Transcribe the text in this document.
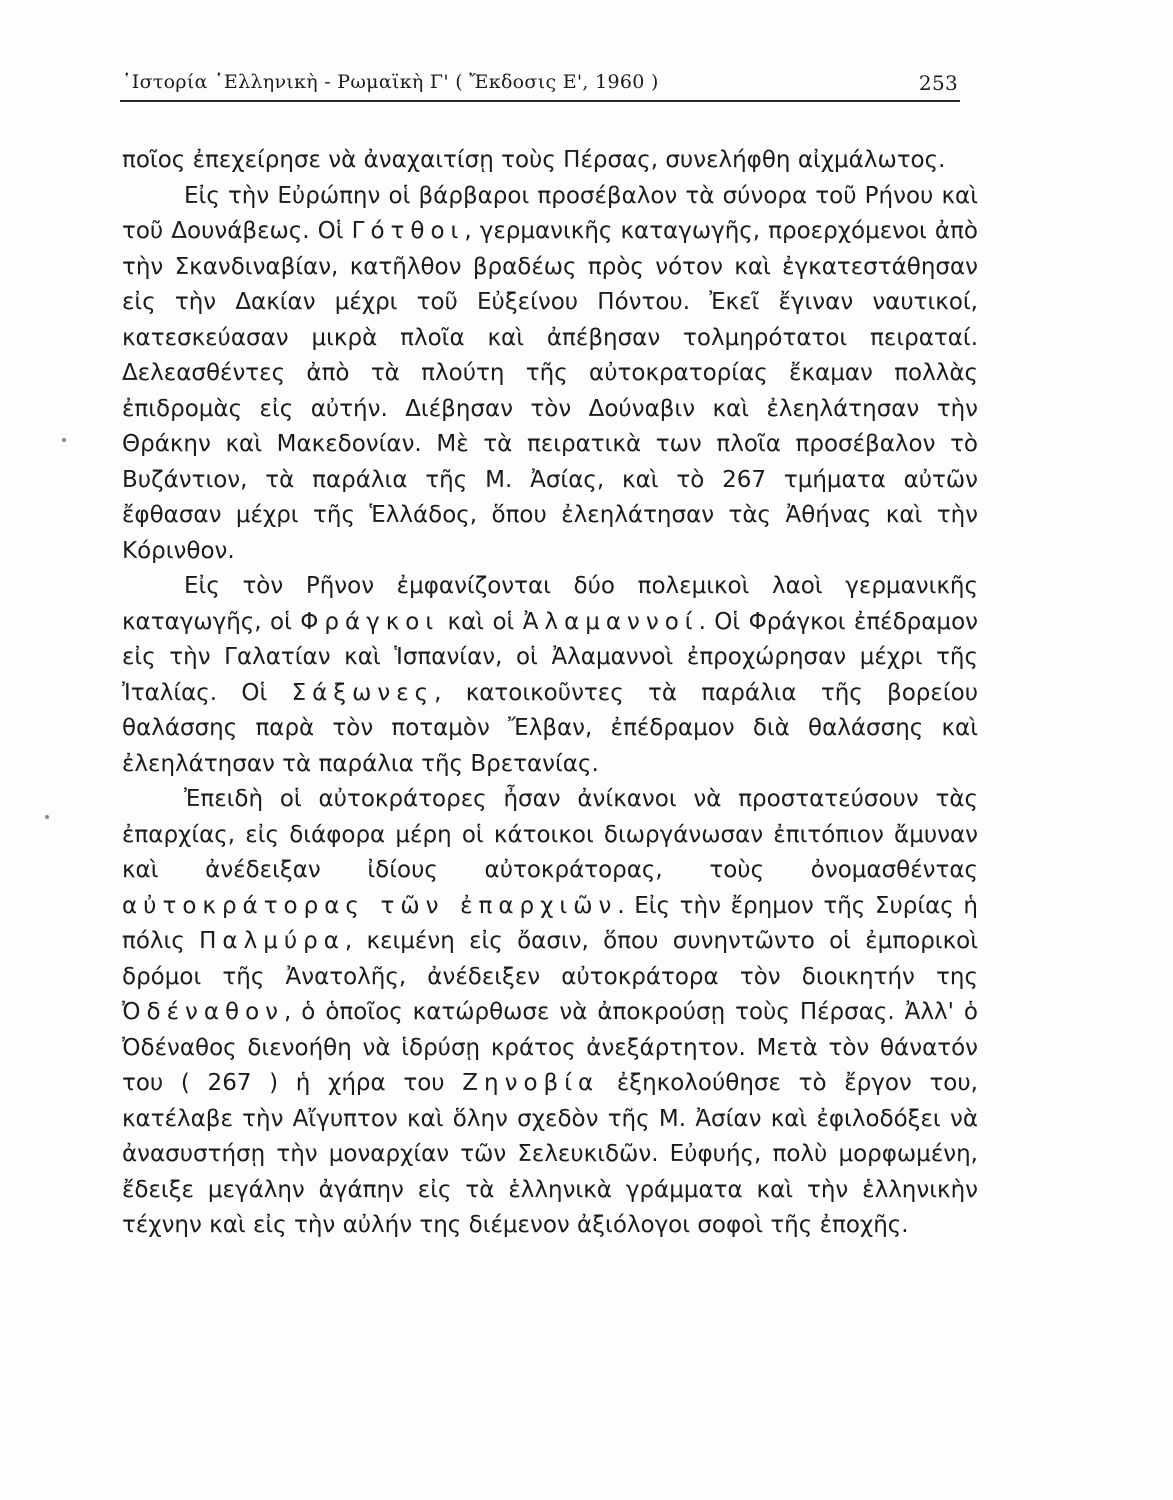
῾Ιστορία ῾Ελληνικὴ - Ρωμαϊκὴ Γ' ( Ἔκδοσις Ε', 1960 )	253

ποῖος ἐπεχείρησε νὰ ἀναχαιτίσῃ τοὺς Πέρσας, συνελήφθη αἰχμάλωτος.

Εἰς τὴν Εὐρώπην οἱ βάρβαροι προσέβαλον τὰ σύνορα τοῦ Ρήνου καὶ τοῦ Δουνάβεως. Οἱ Γότθοι, γερμανικῆς καταγωγῆς, προερχόμενοι ἀπὸ τὴν Σκανδιναβίαν, κατῆλθον βραδέως πρὸς νότον καὶ ἐγκατεστάθησαν εἰς τὴν Δακίαν μέχρι τοῦ Εὐξείνου Πόντου. Ἐκεῖ ἔγιναν ναυτικοί, κατεσκεύασαν μικρὰ πλοῖα καὶ ἀπέβησαν τολμηρότατοι πειραταί. Δελεασθέντες ἀπὸ τὰ πλούτη τῆς αὐτοκρατορίας ἔκαμαν πολλὰς ἐπιδρομὰς εἰς αὐτήν. Διέβησαν τὸν Δούναβιν καὶ ἐλεηλάτησαν τὴν Θράκην καὶ Μακεδονίαν. Μὲ τὰ πειρατικὰ των πλοῖα προσέβαλον τὸ Βυζάντιον, τὰ παράλια τῆς Μ. Ἀσίας, καὶ τὸ 267 τμήματα αὐτῶν ἔφθασαν μέχρι τῆς Ἑλλάδος, ὅπου ἐλεηλάτησαν τὰς Ἀθήνας καὶ τὴν Κόρινθον.

Εἰς τὸν Ρῆνον ἐμφανίζονται δύο πολεμικοὶ λαοὶ γερμανικῆς καταγωγῆς, οἱ Φράγκοι καὶ οἱ Ἀλαμαννοί. Οἱ Φράγκοι ἐπέδραμον εἰς τὴν Γαλατίαν καὶ Ἱσπανίαν, οἱ Ἀλαμαννοὶ ἐπροχώρησαν μέχρι τῆς Ἰταλίας. Οἱ Σάξωνες, κατοικοῦντες τὰ παράλια τῆς βορείου θαλάσσης παρὰ τὸν ποταμὸν Ἔλβαν, ἐπέδραμον διὰ θαλάσσης καὶ ἐλεηλάτησαν τὰ παράλια τῆς Βρετανίας.

Ἐπειδὴ οἱ αὐτοκράτορες ἦσαν ἀνίκανοι νὰ προστατεύσουν τὰς ἐπαρχίας, εἰς διάφορα μέρη οἱ κάτοικοι διωργάνωσαν ἐπιτόπιον ἄμυναν καὶ ἀνέδειξαν ἰδίους αὐτοκράτορας, τοὺς ὀνομασθέντας αὐτοκράτορας τῶν ἐπαρχιῶν. Εἰς τὴν ἔρημον τῆς Συρίας ἡ πόλις Παλμύρα, κειμένη εἰς ὄασιν, ὅπου συνηντῶντο οἱ ἐμπορικοὶ δρόμοι τῆς Ἀνατολῆς, ἀνέδειξεν αὐτοκράτορα τὸν διοικητήν της Ὀδέναθον, ὁ ὁποῖος κατώρθωσε νὰ ἀποκρούσῃ τοὺς Πέρσας. Ἀλλ' ὁ Ὀδέναθος διενοήθη νὰ ἱδρύσῃ κράτος ἀνεξάρτητον. Μετὰ τὸν θάνατόν του ( 267 ) ἡ χήρα του Ζηνοβία ἐξηκολούθησε τὸ ἔργον του, κατέλαβε τὴν Αἴγυπτον καὶ ὅλην σχεδὸν τῆς Μ. Ἀσίαν καὶ ἐφιλοδόξει νὰ ἀνασυστήσῃ τὴν μοναρχίαν τῶν Σελευκιδῶν. Εὐφυής, πολὺ μορφωμένη, ἔδειξε μεγάλην ἀγάπην εἰς τὰ ἑλληνικὰ γράμματα καὶ τὴν ἑλληνικὴν τέχνην καὶ εἰς τὴν αὐλήν της διέμενον ἀξιόλογοι σοφοὶ τῆς ἐποχῆς.
